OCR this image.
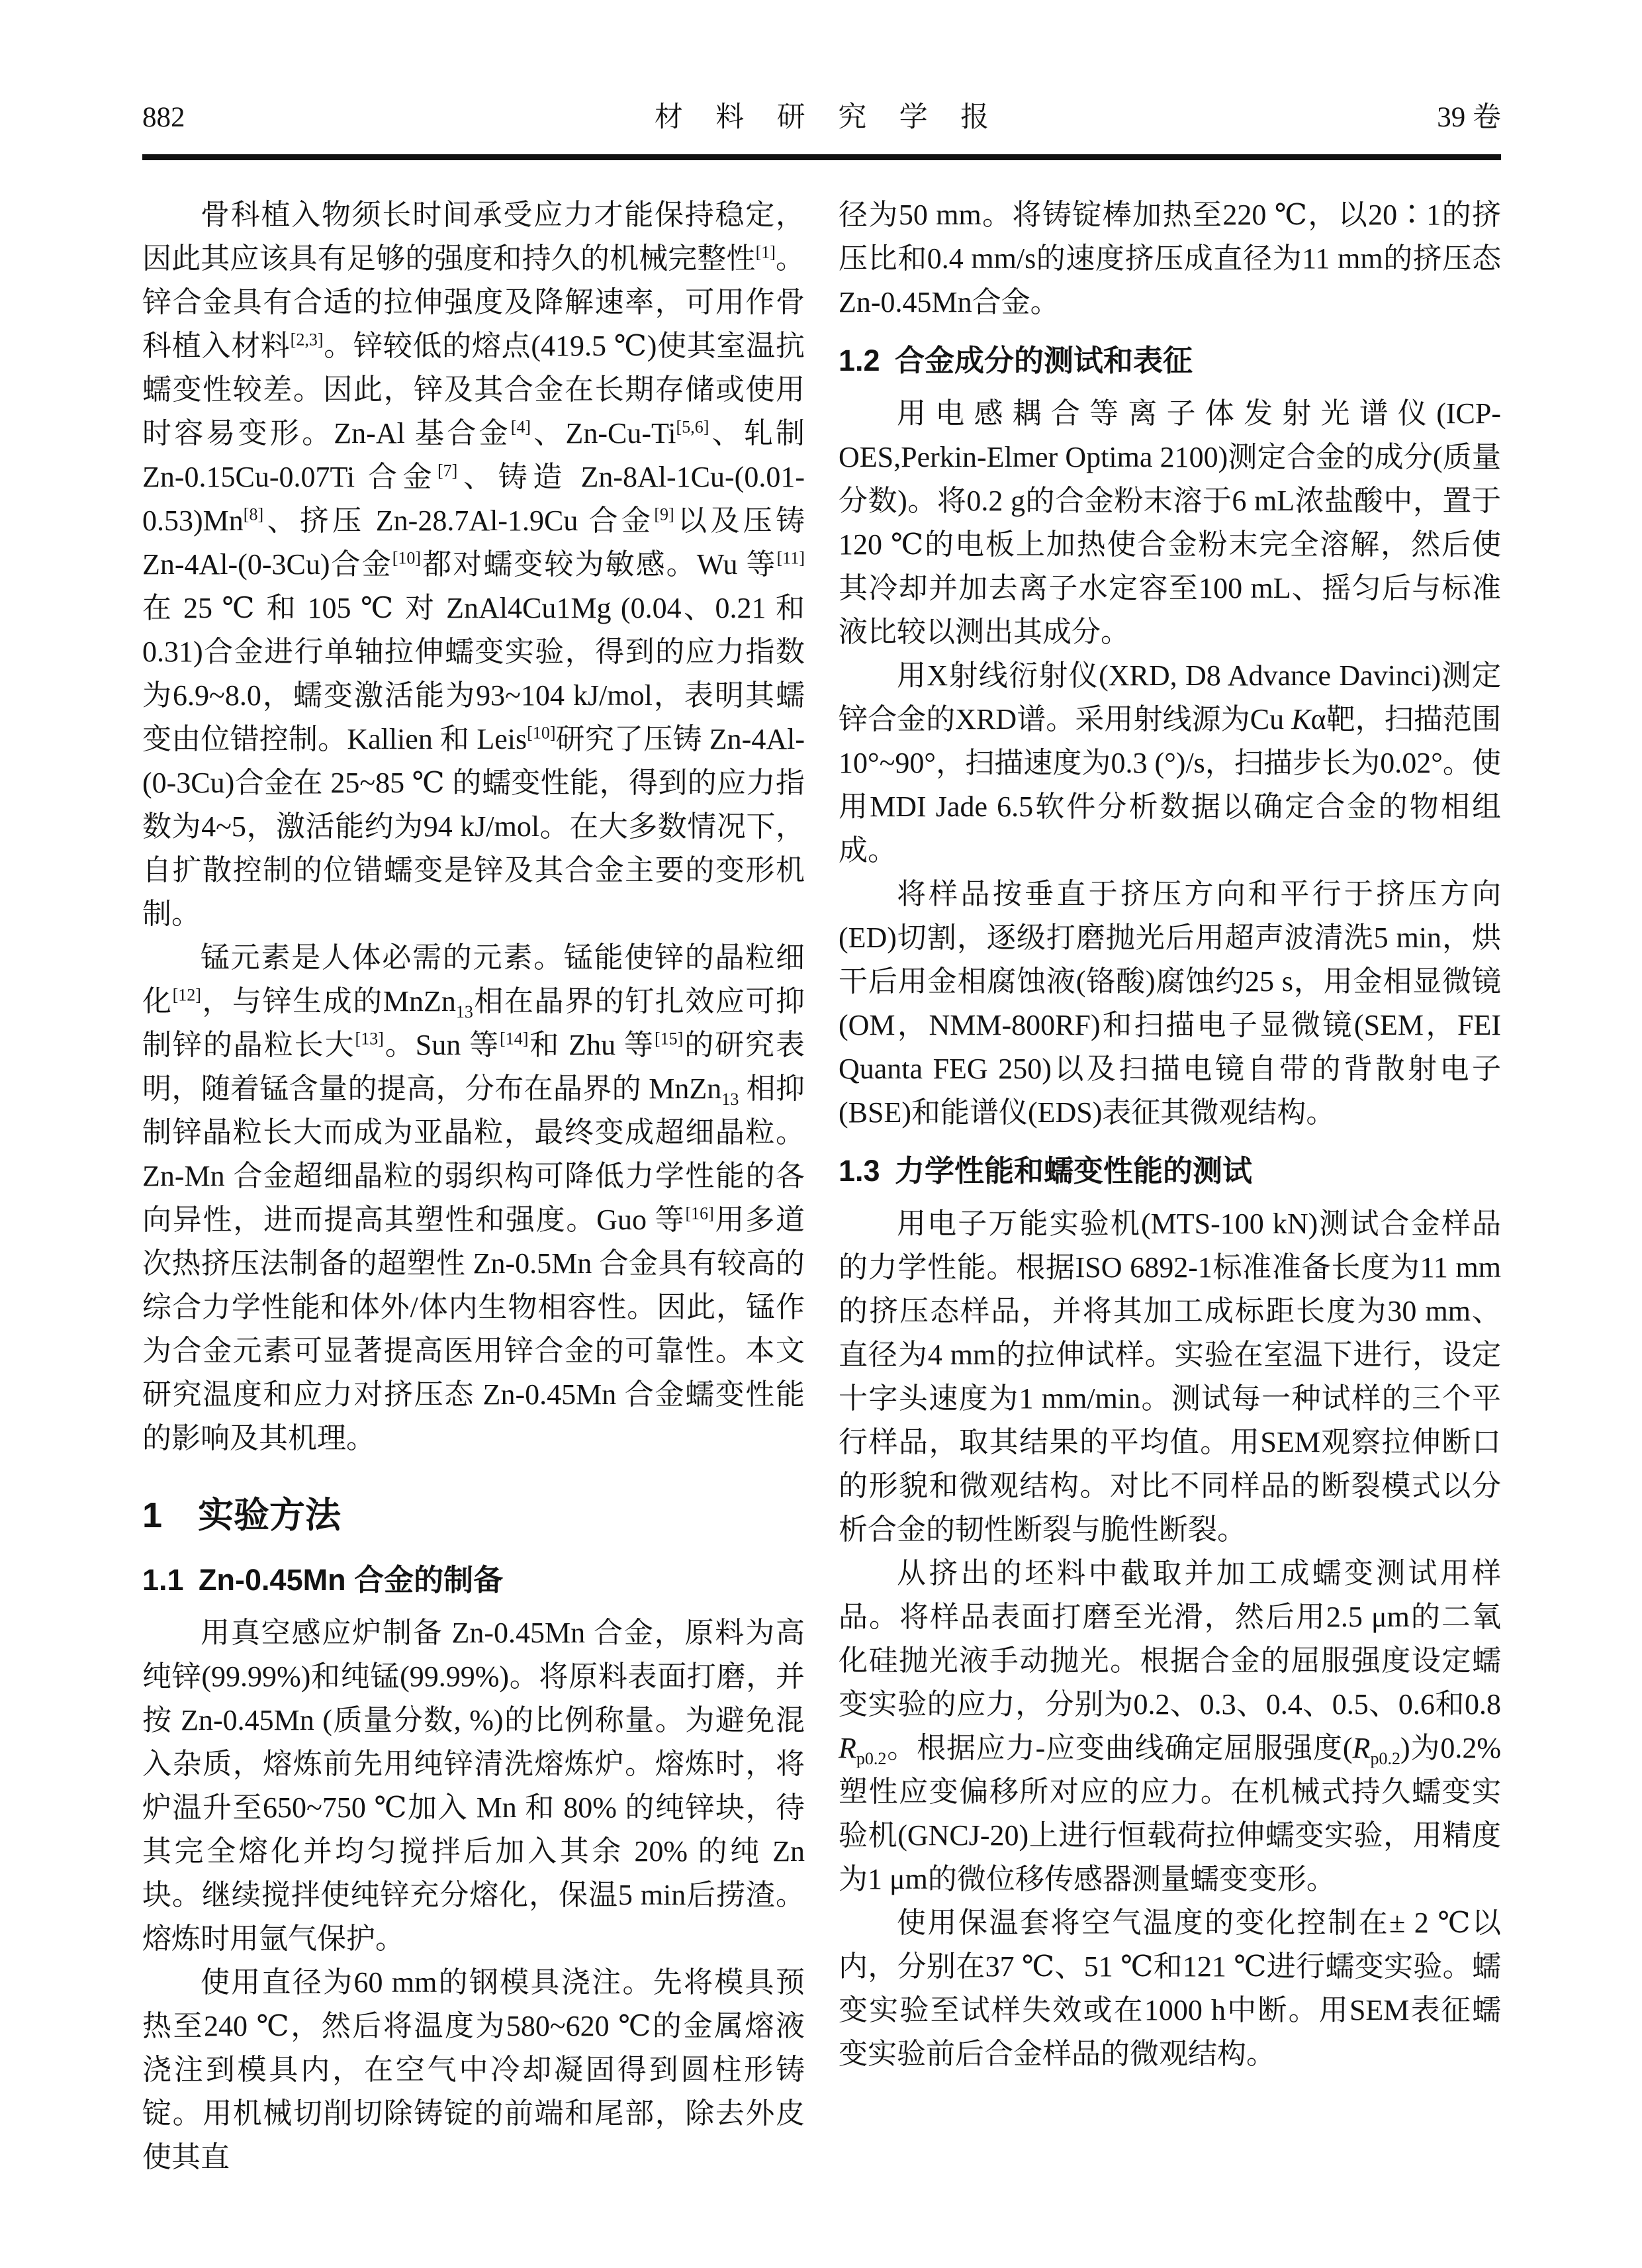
882	材 料 研 究 学 报	39 卷

骨科植入物须长时间承受应力才能保持稳定，因此其应该具有足够的强度和持久的机械完整性[1]。锌合金具有合适的拉伸强度及降解速率，可用作骨科植入材料[2,3]。锌较低的熔点(419.5 ℃)使其室温抗蠕变性较差。因此，锌及其合金在长期存储或使用时容易变形。Zn-Al 基合金[4]、Zn-Cu-Ti[5,6]、轧制 Zn-0.15Cu-0.07Ti 合金[7]、铸造 Zn-8Al-1Cu-(0.01-0.53)Mn[8]、挤压 Zn-28.7Al-1.9Cu 合金[9]以及压铸 Zn-4Al-(0-3Cu)合金[10]都对蠕变较为敏感。Wu 等[11]在 25 ℃ 和 105 ℃ 对 ZnAl4Cu1Mg (0.04、0.21 和 0.31)合金进行单轴拉伸蠕变实验，得到的应力指数为6.9~8.0，蠕变激活能为93~104 kJ/mol，表明其蠕变由位错控制。Kallien 和 Leis[10]研究了压铸 Zn-4Al-(0-3Cu)合金在 25~85 ℃ 的蠕变性能，得到的应力指数为4~5，激活能约为94 kJ/mol。在大多数情况下，自扩散控制的位错蠕变是锌及其合金主要的变形机制。

锰元素是人体必需的元素。锰能使锌的晶粒细化[12]，与锌生成的MnZn$_{13}$相在晶界的钉扎效应可抑制锌的晶粒长大[13]。Sun 等[14]和 Zhu 等[15]的研究表明，随着锰含量的提高，分布在晶界的 MnZn$_{13}$ 相抑制锌晶粒长大而成为亚晶粒，最终变成超细晶粒。Zn-Mn 合金超细晶粒的弱织构可降低力学性能的各向异性，进而提高其塑性和强度。Guo 等[16]用多道次热挤压法制备的超塑性 Zn-0.5Mn 合金具有较高的综合力学性能和体外/体内生物相容性。因此，锰作为合金元素可显著提高医用锌合金的可靠性。本文研究温度和应力对挤压态 Zn-0.45Mn 合金蠕变性能的影响及其机理。

1 实验方法
1.1 Zn-0.45Mn 合金的制备

用真空感应炉制备 Zn-0.45Mn 合金，原料为高纯锌(99.99%)和纯锰(99.99%)。将原料表面打磨，并按 Zn-0.45Mn (质量分数, %)的比例称量。为避免混入杂质，熔炼前先用纯锌清洗熔炼炉。熔炼时，将炉温升至650~750 ℃加入 Mn 和 80% 的纯锌块，待其完全熔化并均匀搅拌后加入其余 20% 的纯 Zn 块。继续搅拌使纯锌充分熔化，保温5 min后捞渣。熔炼时用氩气保护。

使用直径为60 mm的钢模具浇注。先将模具预热至240 ℃，然后将温度为580~620 ℃的金属熔液浇注到模具内，在空气中冷却凝固得到圆柱形铸锭。用机械切削切除铸锭的前端和尾部，除去外皮使其直

径为50 mm。将铸锭棒加热至220 ℃，以20∶1的挤压比和0.4 mm/s的速度挤压成直径为11 mm的挤压态Zn-0.45Mn合金。

1.2 合金成分的测试和表征

用电感耦合等离子体发射光谱仪(ICP-OES,Perkin-Elmer Optima 2100)测定合金的成分(质量分数)。将0.2 g的合金粉末溶于6 mL浓盐酸中，置于120 ℃的电板上加热使合金粉末完全溶解，然后使其冷却并加去离子水定容至100 mL、摇匀后与标准液比较以测出其成分。

用X射线衍射仪(XRD, D8 Advance Davinci)测定锌合金的XRD谱。采用射线源为Cu Kα靶，扫描范围 10°~90°，扫描速度为0.3 (°)/s，扫描步长为0.02°。使用MDI Jade 6.5软件分析数据以确定合金的物相组成。

将样品按垂直于挤压方向和平行于挤压方向(ED)切割，逐级打磨抛光后用超声波清洗5 min，烘干后用金相腐蚀液(铬酸)腐蚀约25 s，用金相显微镜(OM，NMM-800RF)和扫描电子显微镜(SEM，FEI Quanta FEG 250)以及扫描电镜自带的背散射电子(BSE)和能谱仪(EDS)表征其微观结构。

1.3 力学性能和蠕变性能的测试

用电子万能实验机(MTS-100 kN)测试合金样品的力学性能。根据ISO 6892-1标准准备长度为11 mm的挤压态样品，并将其加工成标距长度为30 mm、直径为4 mm的拉伸试样。实验在室温下进行，设定十字头速度为1 mm/min。测试每一种试样的三个平行样品，取其结果的平均值。用SEM观察拉伸断口的形貌和微观结构。对比不同样品的断裂模式以分析合金的韧性断裂与脆性断裂。

从挤出的坯料中截取并加工成蠕变测试用样品。将样品表面打磨至光滑，然后用2.5 μm的二氧化硅抛光液手动抛光。根据合金的屈服强度设定蠕变实验的应力，分别为0.2、0.3、0.4、0.5、0.6和0.8 $R_{p0.2}$。根据应力-应变曲线确定屈服强度$(R_{p0.2})$为0.2%塑性应变偏移所对应的应力。在机械式持久蠕变实验机(GNCJ-20)上进行恒载荷拉伸蠕变实验，用精度为1 μm的微位移传感器测量蠕变变形。

使用保温套将空气温度的变化控制在± 2 ℃以内，分别在37 ℃、51 ℃和121 ℃进行蠕变实验。蠕变实验至试样失效或在1000 h中断。用SEM表征蠕变实验前后合金样品的微观结构。
